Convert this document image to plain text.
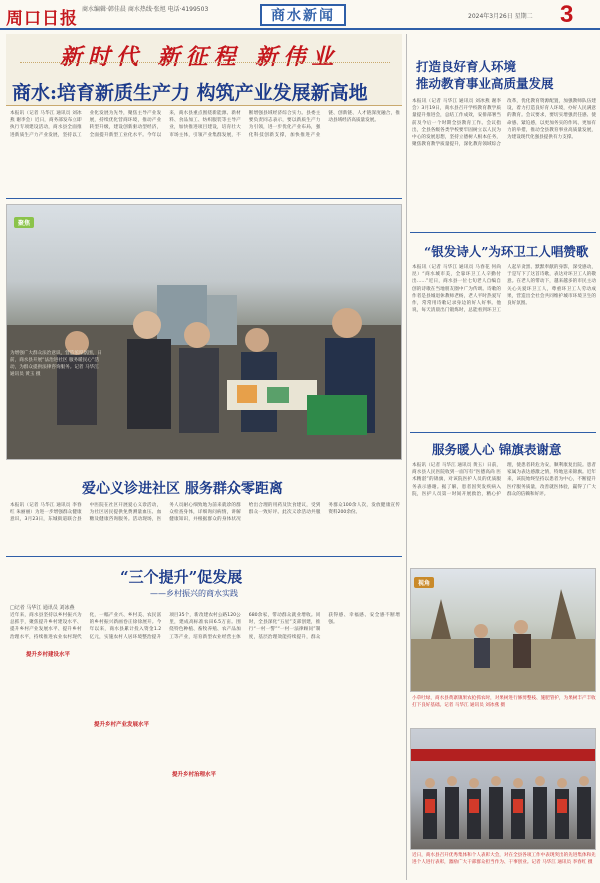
周口日报 商水编辑·韩佳晨 商水热线·张旭 电话·4199503	商水新闻	2024年3月26日 星期二 3
新时代 新征程 新伟业
商水:培育新质生产力 构筑产业发展新高地
本报讯（记者 马华江 通讯员 刘冰燕 谢李会）近日，商务部发布立即执行专项建设活动，商水县全面推进新质生产力产业发展，坚持以工业化发展为先导，聚焦主导产业发展，持续优化营商环境，推动产业转型升级，建设创新驱动型经济，全面提升新型工业化水平。今年以来，商水县重点围绕新能源、新材料、食品加工、纺织服装等主导产业，加快推进项目建设，培育壮大市场主体，引领产业集群发展，不断增强县域经济综合实力。县委主要负责同志表示，要以新质生产力为引领，进一步优化产业布局，强化科技创新支撑，加快推进产业链、创新链、人才链深度融合，推动县域经济高质量发展。
聚焦
为增强广大群众法治意识，营造浓厚氛围，日前，商水县开展“法治进社区 服务暖民心”活动，为群众提供法律咨询服务。记者 马华江 通讯员 黄玉 摄
爱心义诊进社区 服务群众零距离
本报讯（记者 马华江 通讯员 李春红 朱丽丽）为进一步增强群众健康意识，3月23日，东城街道联合县中医院在社区开展爱心义诊活动，为社区居民提供免费测量血压、血糖及健康咨询服务。活动现场，医务人员耐心细致地为前来就诊的群众检查身体，详细询问病情，讲解健康知识，并根据群众的身体状况给出合理的用药及饮食建议，受到群众一致好评。此次义诊活动共服务群众100余人次，发放健康宣传资料200余份。
“三个提升”促发展
——乡村振兴的商水实践
□记者 马华江 通讯员 刘冰燕
提升乡村建设水平
提升乡村产业发展水平
提升乡村治理水平
近年来，商水县坚持以乡村振兴为总抓手，聚焦提升乡村建设水平、提升乡村产业发展水平、提升乡村治理水平，持续推进农业农村现代化，一幅产业兴、乡村美、农民富的乡村振兴新画卷正徐徐展开。今年以来，商水县累计投入资金1.2亿元，实施农村人居环境整治提升项目35个，新改建农村公路120公里，建成高标准农田6.5万亩。围绕特色种植、畜牧养殖、农产品加工等产业，培育新型农业经营主体680余家，带动群众就业增收。同时，全县深化“五星”支部创建，推行“一村一警”“一村一法律顾问”制度，基层治理效能持续提升，群众获得感、幸福感、安全感不断增强。
打造良好育人环境
推动教育事业高质量发展
本报讯（记者 马华江 通讯员 刘冰燕 谢李会）3月19日，商水县召开学校教育教学质量提升推进会，总结工作成效，安排部署当前及今后一个时期全县教育工作。会议指出，全县各级各类学校要牢固树立以人民为中心的发展思想，坚持立德树人根本任务，聚焦教育教学质量提升，深化教育领域综合改革，优化教育资源配置，加强教师队伍建设，着力打造良好育人环境，办好人民满意的教育。会议要求，要切实增强责任感、使命感、紧迫感，以更加务实的作风、更加有力的举措，推动全县教育事业高质量发展，为建设现代化强县提供有力支撑。
“银发诗人”为环卫工人唱赞歌
本报讯（记者 马华江 通讯员 马春花 何尚昆）“商水城市美，全靠环卫工人辛勤付出……”近日，商水县一位七旬老人自编自创的诗歌在当地朋友圈中广为传颂。诗歌的作者是县城退休教师老杨，老人平时热爱写作，常常用诗歌记录身边的好人好事。他说，每天清晨出门锻炼时，总能看到环卫工人起早贪黑、默默奉献的身影，深受感动，于是写下了这首诗歌，表达对环卫工人的敬意。在老人的带动下，越来越多的市民主动关心关爱环卫工人，尊重环卫工人劳动成果，营造出全社会共同维护城市环境卫生的良好氛围。
服务暖人心 锦旗表谢意
本报讯（记者 马华江 通讯员 黄玉）日前，商水县人民医院收到一面写有“医德高尚 医术精湛”的锦旗，对该院医护人员的优质服务表示感谢。据了解，患者因突发疾病入院，医护人员第一时间开展救治，精心护理，使患者转危为安，顺利康复出院。患者家属为表达感激之情，特地送来锦旗。近年来，该院始终坚持以患者为中心，不断提升医疗服务质量，改善就医体验，赢得了广大群众的信赖和好评。
视角
小草吐绿，商水县黄寨镇果农抢抓农时，对果树进行修剪整枝、施肥管护，为果树丰产丰收打下良好基础。记者 马华江 通讯员 刘冰燕 摄
近日，商水县召开优秀集体和个人表彰大会，对在全县各项工作中表现突出的先进集体和先进个人进行表彰，激励广大干部群众担当作为、干事创业。记者 马华江 通讯员 李春红 摄
